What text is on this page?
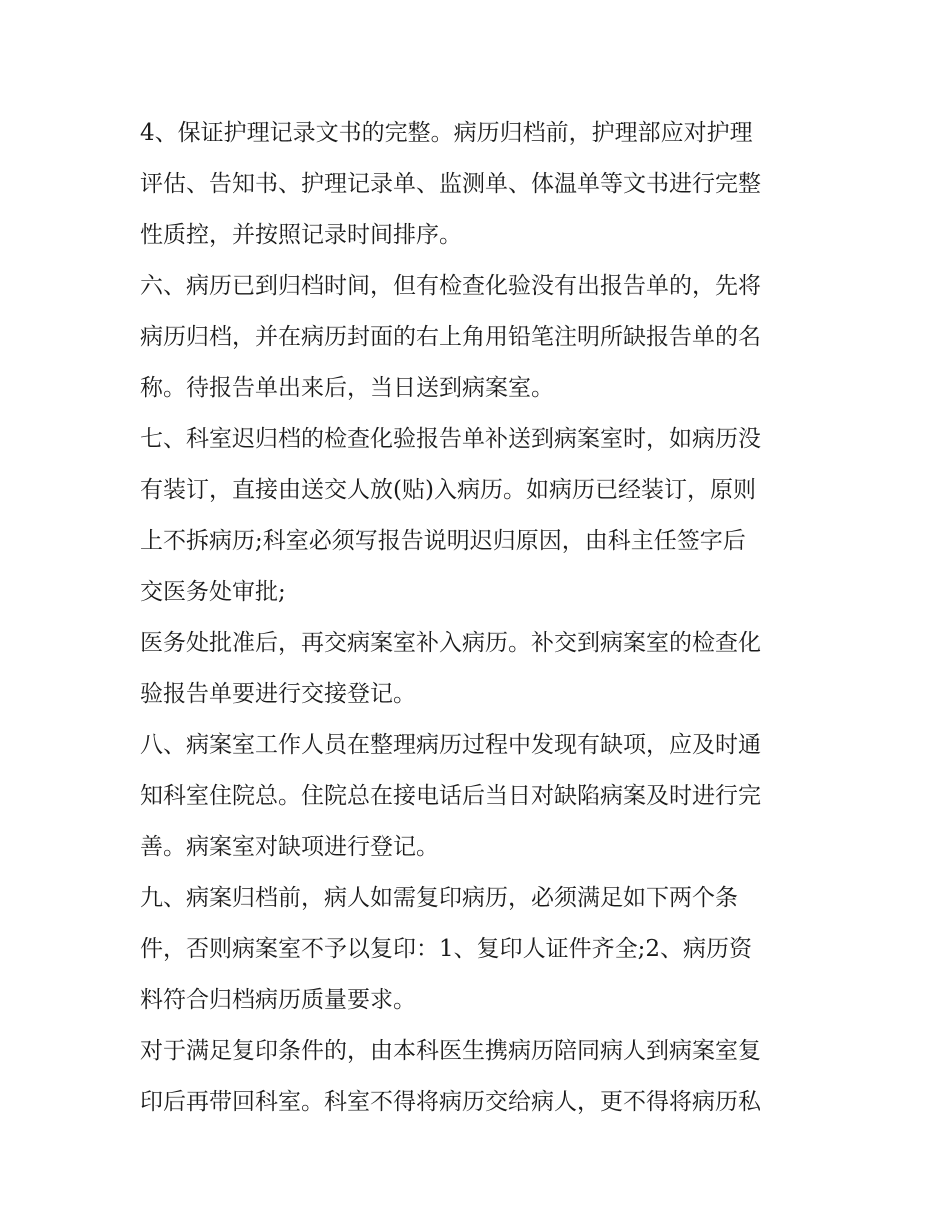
4、保证护理记录文书的完整。病历归档前，护理部应对护理
评估、告知书、护理记录单、监测单、体温单等文书进行完整
性质控，并按照记录时间排序。

六、病历已到归档时间，但有检查化验没有出报告单的，先将
病历归档，并在病历封面的右上角用铅笔注明所缺报告单的名
称。待报告单出来后，当日送到病案室。

七、科室迟归档的检查化验报告单补送到病案室时，如病历没
有装订，直接由送交人放(贴)入病历。如病历已经装订，原则
上不拆病历;科室必须写报告说明迟归原因，由科主任签字后
交医务处审批;

医务处批准后，再交病案室补入病历。补交到病案室的检查化
验报告单要进行交接登记。

八、病案室工作人员在整理病历过程中发现有缺项，应及时通
知科室住院总。住院总在接电话后当日对缺陷病案及时进行完
善。病案室对缺项进行登记。

九、病案归档前，病人如需复印病历，必须满足如下两个条
件，否则病案室不予以复印：1、复印人证件齐全;2、病历资
料符合归档病历质量要求。

对于满足复印条件的，由本科医生携病历陪同病人到病案室复
印后再带回科室。科室不得将病历交给病人，更不得将病历私
